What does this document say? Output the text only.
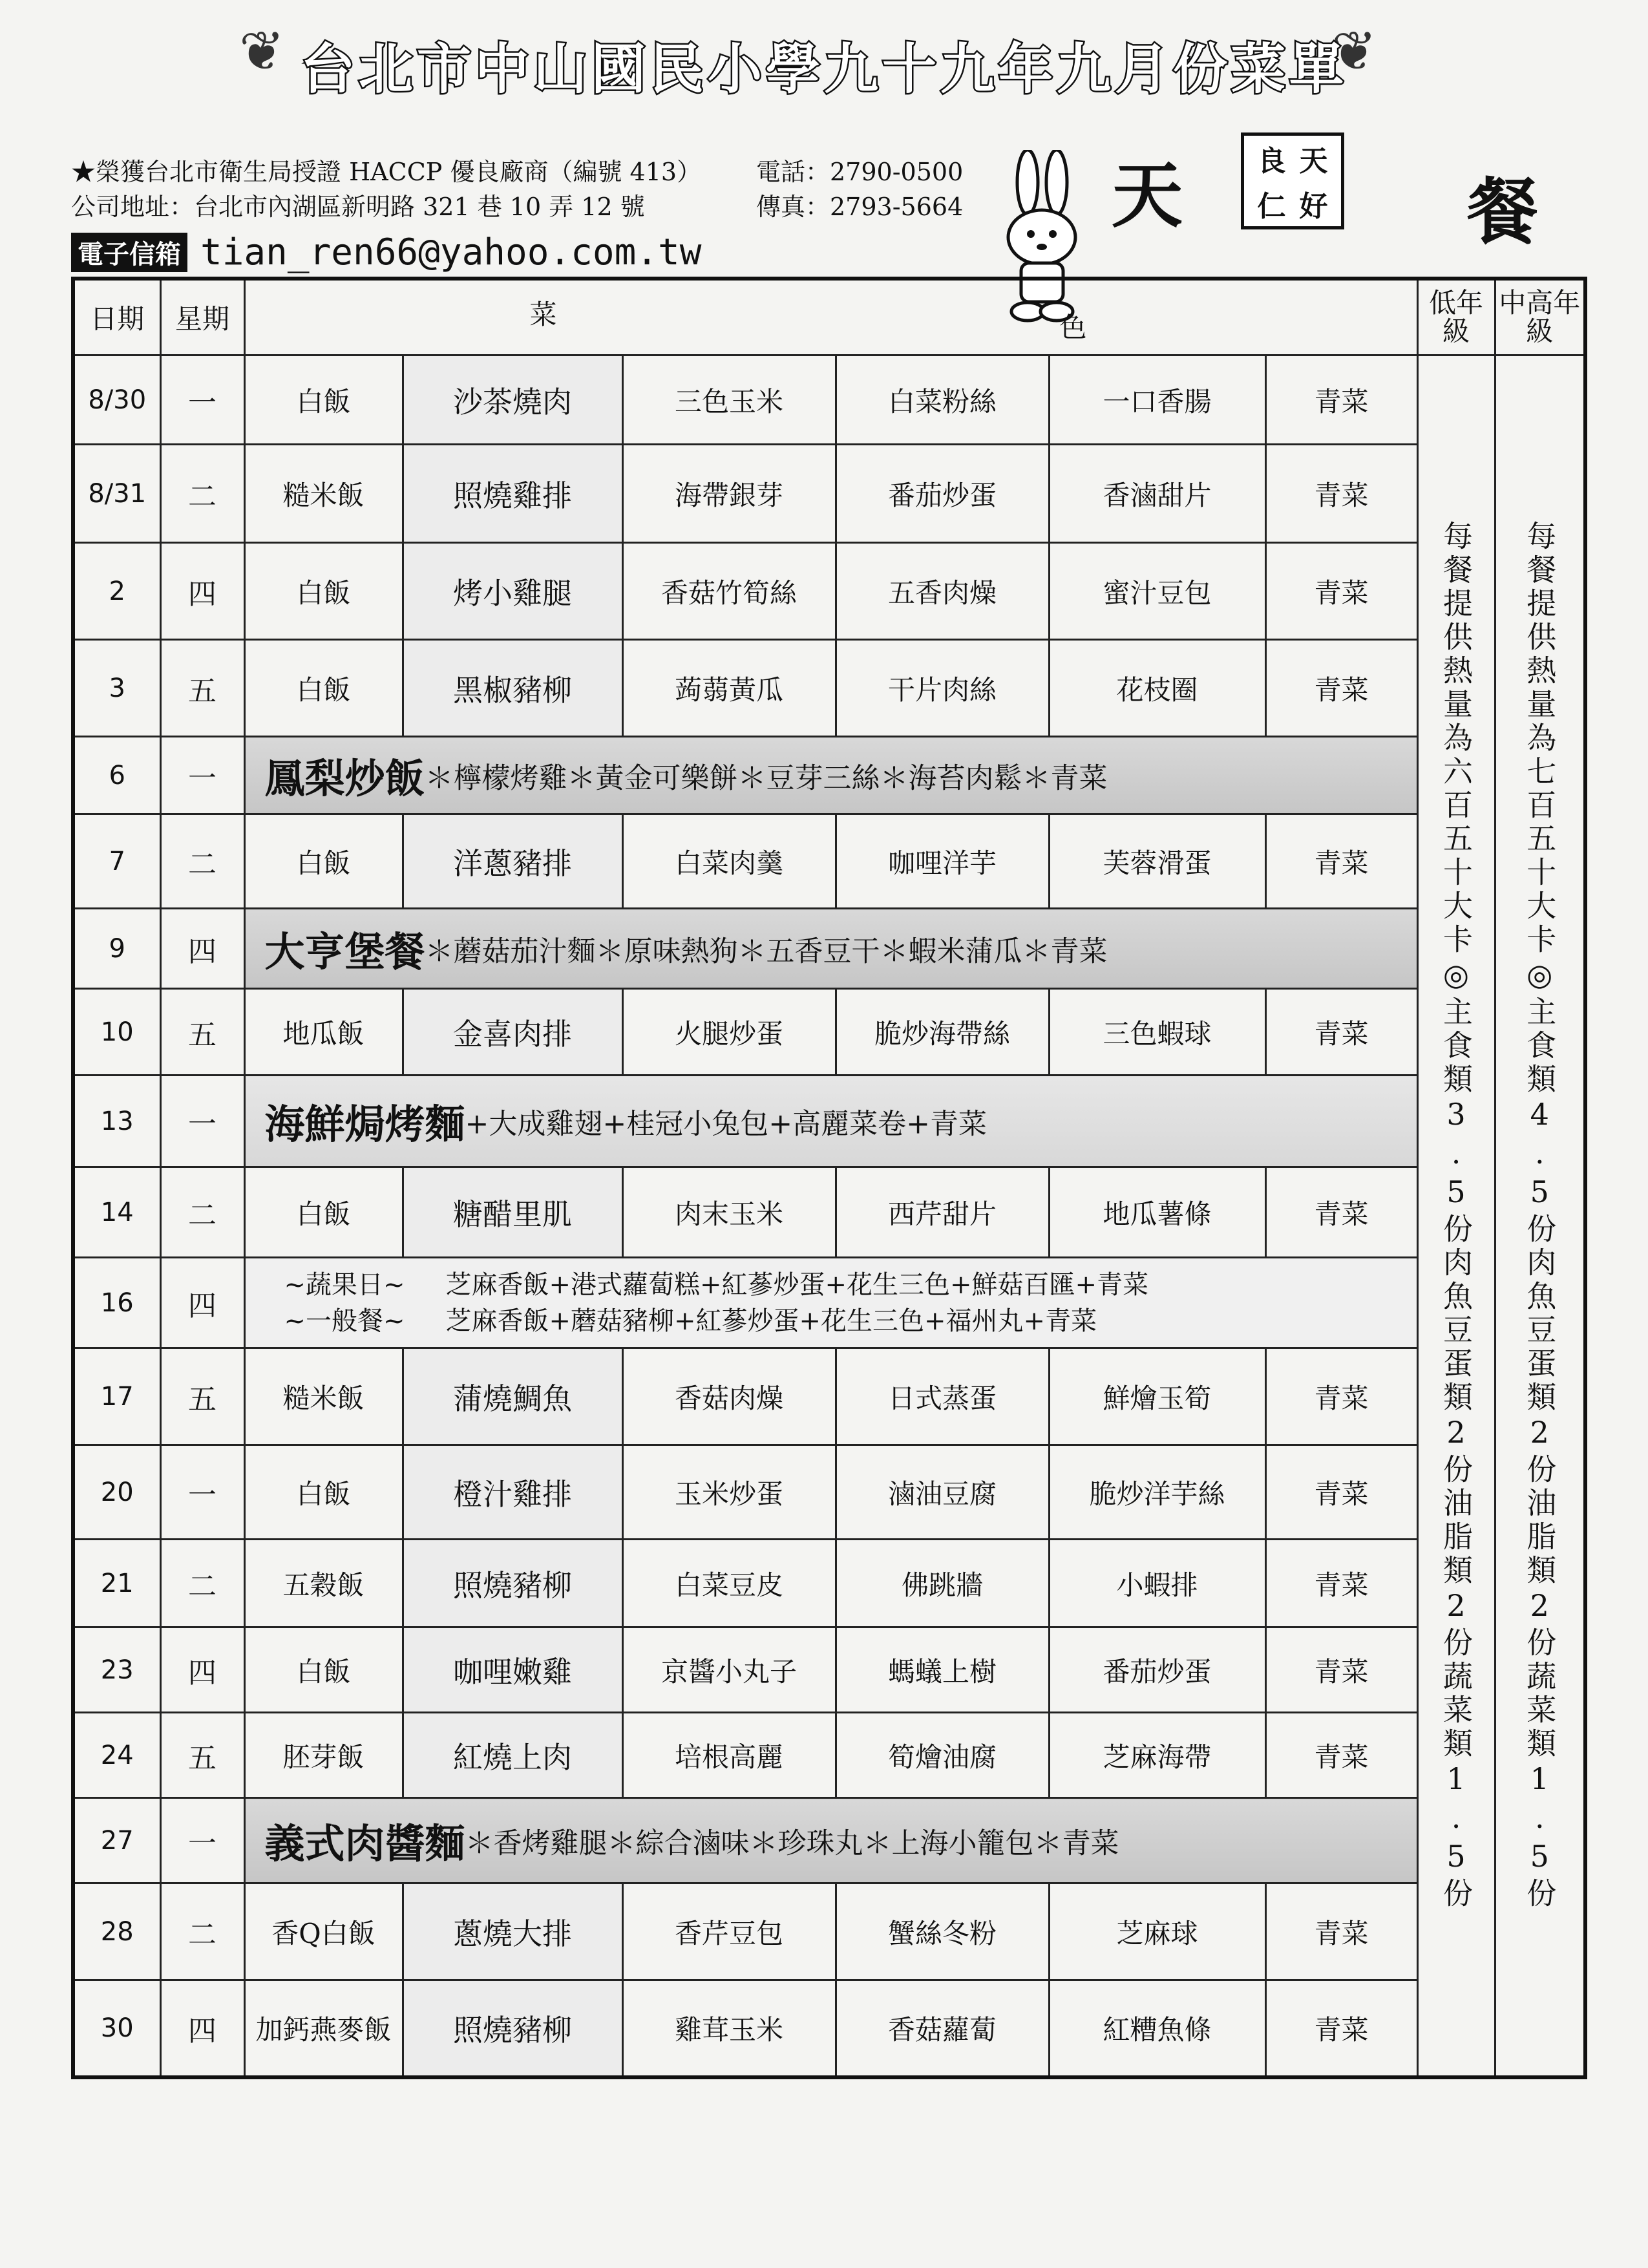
❦	❦
台北市中山國民小學九十九年九月份菜單
★榮獲台北市衛生局授證 HACCP 優良廠商（編號 413）
公司地址：台北市內湖區新明路 321 巷 10 弄 12 號
電話：2790-0500
傳真：2793-5664
電子信箱 tian_ren66@yahoo.com.tw
天	良 天
仁 好 餐
日期	星期	菜 色						低年級	中高年級
8/30	一	白飯	沙茶燒肉	三色玉米	白菜粉絲	一口香腸	青菜	每餐提供熱量為六百五十大卡◎主食類3.5份肉魚豆蛋類2份油脂類2份蔬菜類1.5份	每餐提供熱量為七百五十大卡◎主食類4.5份肉魚豆蛋類2份油脂類2份蔬菜類1.5份

8/31	二	糙米飯	照燒雞排	海帶銀芽	番茄炒蛋	香滷甜片	青菜		
2	四	白飯	烤小雞腿	香菇竹筍絲	五香肉燥	蜜汁豆包	青菜		
3	五	白飯	黑椒豬柳	蒟蒻黃瓜	干片肉絲	花枝圈	青菜		
6	一	鳳梨炒飯＊檸檬烤雞＊黃金可樂餅＊豆芽三絲＊海苔肉鬆＊青菜							
7	二	白飯	洋蔥豬排	白菜肉羹	咖哩洋芋	芙蓉滑蛋	青菜		
9	四	大亨堡餐＊蘑菇茄汁麵＊原味熱狗＊五香豆干＊蝦米蒲瓜＊青菜							
10	五	地瓜飯	金喜肉排	火腿炒蛋	脆炒海帶絲	三色蝦球	青菜		
13	一	海鮮焗烤麵+大成雞翅+桂冠小兔包+高麗菜卷+青菜							
14	二	白飯	糖醋里肌	肉末玉米	西芹甜片	地瓜薯條	青菜		
16	四	~蔬果日~ 芝麻香飯+港式蘿蔔糕+紅蔘炒蛋+花生三色+鮮菇百匯+青菜
~一般餐~ 芝麻香飯+蘑菇豬柳+紅蔘炒蛋+花生三色+福州丸+青菜							

17	五	糙米飯	蒲燒鯛魚	香菇肉燥	日式蒸蛋	鮮燴玉筍	青菜		
20	一	白飯	橙汁雞排	玉米炒蛋	滷油豆腐	脆炒洋芋絲	青菜		
21	二	五穀飯	照燒豬柳	白菜豆皮	佛跳牆	小蝦排	青菜		
23	四	白飯	咖哩嫩雞	京醬小丸子	螞蟻上樹	番茄炒蛋	青菜		
24	五	胚芽飯	紅燒上肉	培根高麗	筍燴油腐	芝麻海帶	青菜		
27	一	義式肉醬麵＊香烤雞腿＊綜合滷味＊珍珠丸＊上海小籠包＊青菜							
28	二	香Q白飯	蔥燒大排	香芹豆包	蟹絲冬粉	芝麻球	青菜		
30	四	加鈣燕麥飯	照燒豬柳	雞茸玉米	香菇蘿蔔	紅糟魚條	青菜		
